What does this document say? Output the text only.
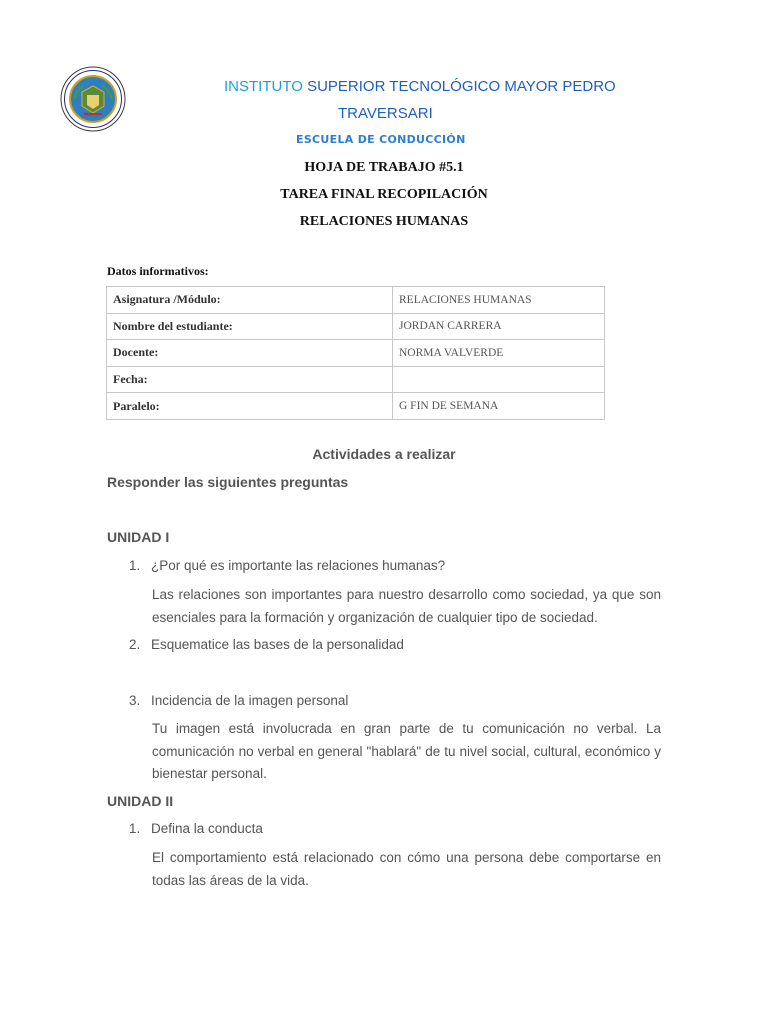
INSTITUTO SUPERIOR TECNOLÓGICO MAYOR PEDRO
TRAVERSARI
ESCUELA DE CONDUCCIÓN
HOJA DE TRABAJO #5.1
TAREA FINAL RECOPILACIÓN
RELACIONES HUMANAS
Datos informativos:
Asignatura /Módulo:	RELACIONES HUMANAS
Nombre del estudiante:	JORDAN CARRERA
Docente:	NORMA VALVERDE
Fecha:	
Paralelo:	G FIN DE SEMANA
Actividades a realizar
Responder las siguientes preguntas
UNIDAD I
1. ¿Por qué es importante las relaciones humanas?
Las relaciones son importantes para nuestro desarrollo como sociedad, ya que son esenciales para la formación y organización de cualquier tipo de sociedad.
2. Esquematice las bases de la personalidad
3. Incidencia de la imagen personal
Tu imagen está involucrada en gran parte de tu comunicación no verbal. La comunicación no verbal en general "hablará" de tu nivel social, cultural, económico y bienestar personal.
UNIDAD II
1. Defina la conducta
El comportamiento está relacionado con cómo una persona debe comportarse en todas las áreas de la vida.
